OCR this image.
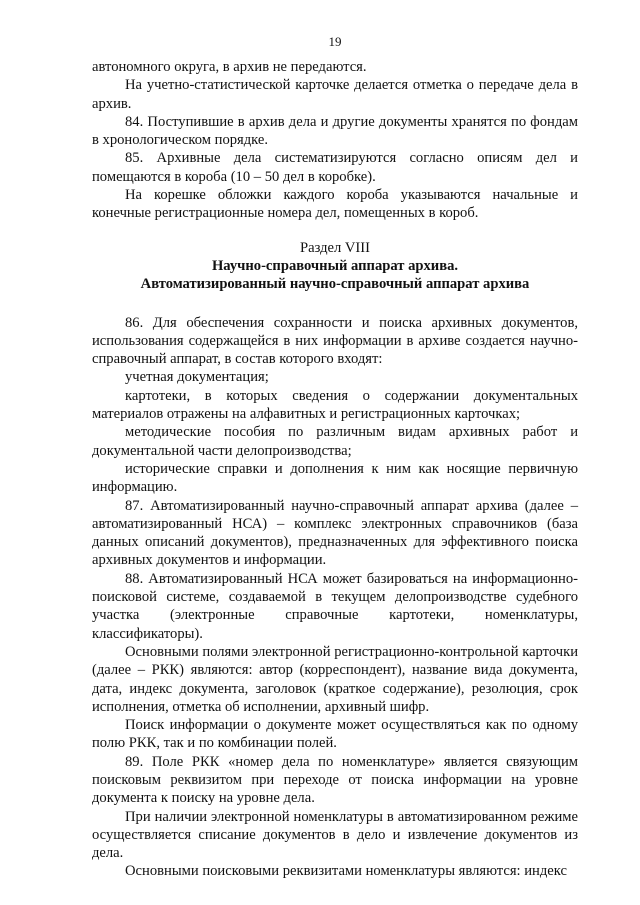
19

автономного округа, в архив не передаются.

На учетно-статистической карточке делается отметка о передаче дела в архив.

84. Поступившие в архив дела и другие документы хранятся по фондам в хронологическом порядке.

85. Архивные дела систематизируются согласно описям дел и помещаются в короба (10 – 50 дел в коробке).

На корешке обложки каждого короба указываются начальные и конечные регистрационные номера дел, помещенных в короб.

Раздел VIII

Научно-справочный аппарат архива.

Автоматизированный научно-справочный аппарат архива

86. Для обеспечения сохранности и поиска архивных документов, использования содержащейся в них информации в архиве создается научно-справочный аппарат, в состав которого входят:

учетная документация;

картотеки, в которых сведения о содержании документальных материалов отражены на алфавитных и регистрационных карточках;

методические пособия по различным видам архивных работ и документальной части делопроизводства;

исторические справки и дополнения к ним как носящие первичную информацию.

87. Автоматизированный научно-справочный аппарат архива (далее – автоматизированный НСА) – комплекс электронных справочников (база данных описаний документов), предназначенных для эффективного поиска архивных документов и информации.

88. Автоматизированный НСА может базироваться на информационно-поисковой системе, создаваемой в текущем делопроизводстве судебного участка (электронные справочные картотеки, номенклатуры, классификаторы).

Основными полями электронной регистрационно-контрольной карточки (далее – РКК) являются: автор (корреспондент), название вида документа, дата, индекс документа, заголовок (краткое содержание), резолюция, срок исполнения, отметка об исполнении, архивный шифр.

Поиск информации о документе может осуществляться как по одному полю РКК, так и по комбинации полей.

89. Поле РКК «номер дела по номенклатуре» является связующим поисковым реквизитом при переходе от поиска информации на уровне документа к поиску на уровне дела.

При наличии электронной номенклатуры в автоматизированном режиме осуществляется списание документов в дело и извлечение документов из дела.

Основными поисковыми реквизитами номенклатуры являются: индекс
